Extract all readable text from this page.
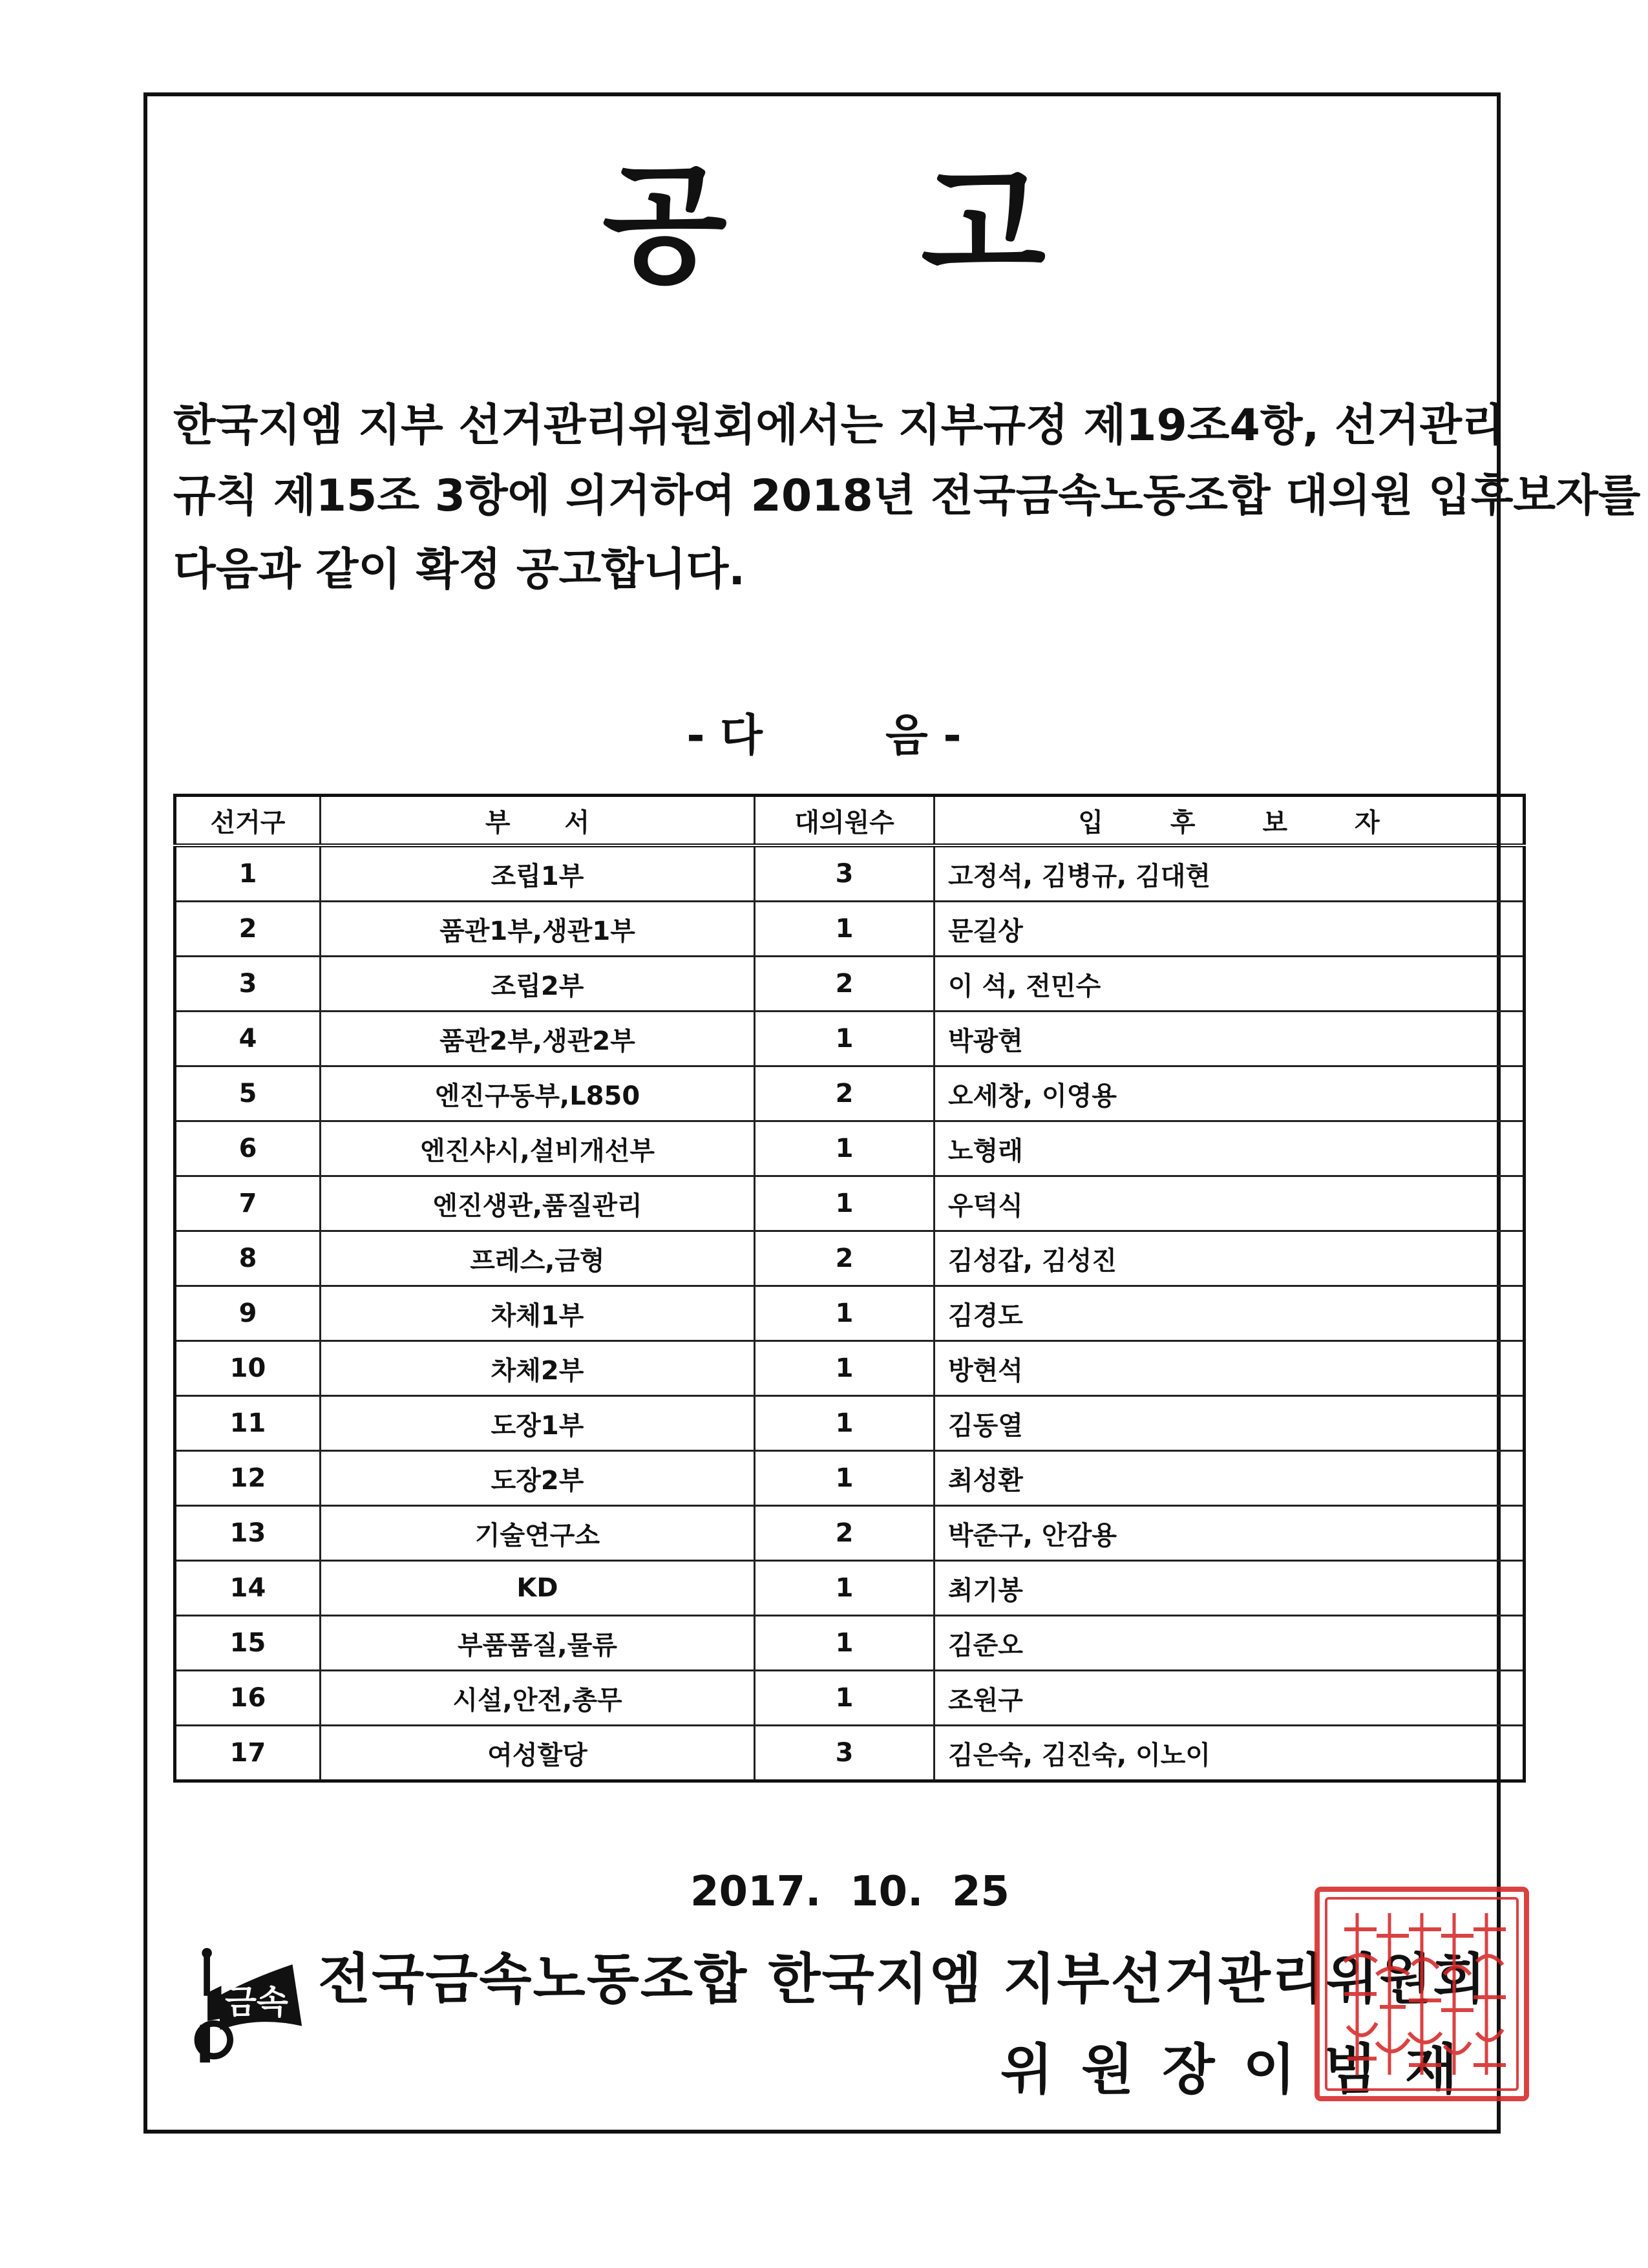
공 고
한국지엠 지부 선거관리위원회에서는 지부규정 제19조4항, 선거관리
규칙 제15조 3항에 의거하여 2018년 전국금속노동조합 대의원 입후보자를
다음과 같이 확정 공고합니다.
- 다	음 -
선거구	부 서	대의원수	입 후 보 자
1	조립1부	3	고정석, 김병규, 김대현
2	품관1부,생관1부	1	문길상
3	조립2부	2	이 석, 전민수
4	품관2부,생관2부	1	박광현
5	엔진구동부,L850	2	오세창, 이영용
6	엔진샤시,설비개선부	1	노형래
7	엔진생관,품질관리	1	우덕식
8	프레스,금형	2	김성갑, 김성진
9	차체1부	1	김경도
10	차체2부	1	방현석
11	도장1부	1	김동열
12	도장2부	1	최성환
13	기술연구소	2	박준구, 안감용
14	KD	1	최기봉
15	부품품질,물류	1	김준오
16	시설,안전,총무	1	조원구
17	여성할당	3	김은숙, 김진숙, 이노이
2017.  10.  25
금속 전국금속노동조합 한국지엠 지부선거관리위원회
위 원 장 이 범 재
